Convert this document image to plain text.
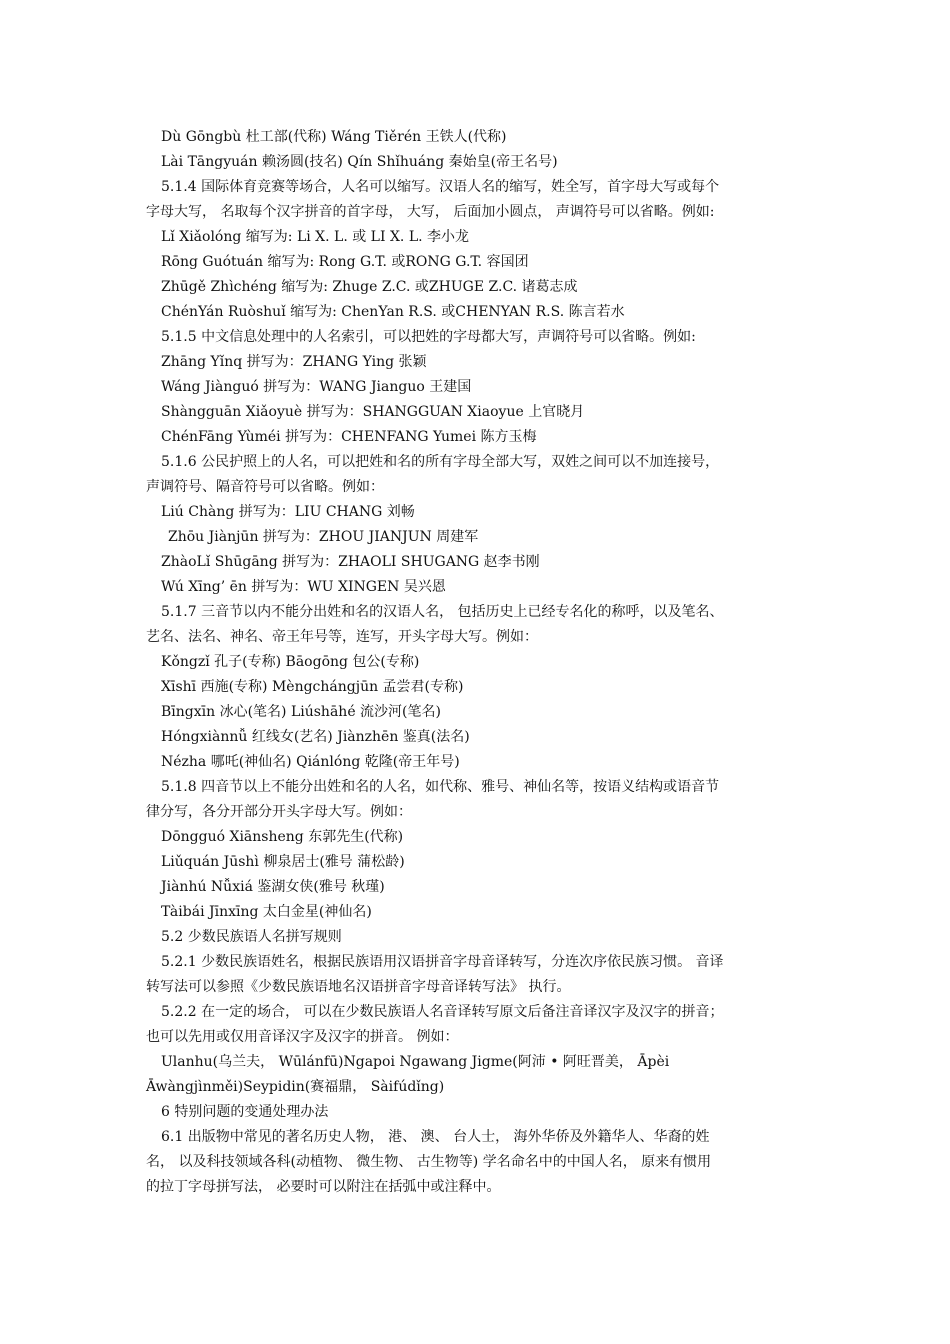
Dù Gōngbù 杜工部(代称) Wáng Tiěrén 王铁人(代称)
Lài Tāngyuán 赖汤圆(技名) Qín Shǐhuáng 秦始皇(帝王名号)
5.1.4 国际体育竞赛等场合，人名可以缩写。汉语人名的缩写，姓全写，首字母大写或每个
字母大写， 名取每个汉字拼音的首字母， 大写， 后面加小圆点， 声调符号可以省略。例如:
Lǐ Xiǎolóng 缩写为: Li X. L. 或 LI X. L. 李小龙
Rōng Guótuán 缩写为: Rong G.T. 或RONG G.T. 容国团
Zhūgě Zhìchéng 缩写为: Zhuge Z.C. 或ZHUGE Z.C. 诸葛志成
ChénYán Ruòshuǐ 缩写为: ChenYan R.S. 或CHENYAN R.S. 陈言若水
5.1.5 中文信息处理中的人名索引，可以把姓的字母都大写，声调符号可以省略。例如:
Zhāng Yǐnq 拼写为：ZHANG Ying 张颖
Wáng Jiànguó 拼写为：WANG Jianguo 王建国
Shàngguān Xiǎoyuè 拼写为：SHANGGUAN Xiaoyue 上官晓月
ChénFāng Yùméi 拼写为：CHENFANG Yumei 陈方玉梅
5.1.6 公民护照上的人名，可以把姓和名的所有字母全部大写，双姓之间可以不加连接号，
声调符号、隔音符号可以省略。例如：
Liú Chàng 拼写为：LIU CHANG 刘畅
Zhōu Jiànjūn 拼写为：ZHOU JIANJUN 周建军
ZhàoLǐ Shūgāng 拼写为：ZHAOLI SHUGANG 赵李书刚
Wú Xīng’ ēn 拼写为：WU XINGEN 吴兴恩
5.1.7 三音节以内不能分出姓和名的汉语人名， 包括历史上已经专名化的称呼，以及笔名、
艺名、法名、神名、帝王年号等，连写，开头字母大写。例如：
Kǒngzǐ 孔子(专称) Bāogōng 包公(专称)
Xīshī 西施(专称) Mèngchángjūn 孟尝君(专称)
Bīngxīn 冰心(笔名) Liúshāhé 流沙河(笔名)
Hóngxiànnǚ 红线女(艺名) Jiànzhēn 鉴真(法名)
Nézha 哪吒(神仙名) Qiánlóng 乾隆(帝王年号)
5.1.8 四音节以上不能分出姓和名的人名，如代称、雅号、神仙名等，按语义结构或语音节
律分写，各分开部分开头字母大写。例如：
Dōngguó Xiānsheng 东郭先生(代称)
Liǔquán Jūshì 柳泉居士(雅号 蒲松龄)
Jiànhú Nǚxiá 鉴湖女侠(雅号 秋瑾)
Tàibái Jīnxīng 太白金星(神仙名)
5.2 少数民族语人名拼写规则
5.2.1 少数民族语姓名，根据民族语用汉语拼音字母音译转写，分连次序依民族习惯。 音译
转写法可以参照《少数民族语地名汉语拼音字母音译转写法》 执行。
5.2.2 在一定的场合， 可以在少数民族语人名音译转写原文后备注音译汉字及汉字的拼音；
也可以先用或仅用音译汉字及汉字的拼音。 例如：
Ulanhu(乌兰夫， Wūlánfū)Ngapoi Ngawang Jigme(阿沛 • 阿旺晋美， Āpèi
Āwàngjìnměi)Seypidin(赛福鼎， Sàifúdǐng)
6 特别问题的变通处理办法
6.1 出版物中常见的著名历史人物， 港、 澳、 台人士， 海外华侨及外籍华人、华裔的姓
名， 以及科技领域各科(动植物、 微生物、 古生物等) 学名命名中的中国人名， 原来有惯用
的拉丁字母拼写法， 必要时可以附注在括弧中或注释中。
